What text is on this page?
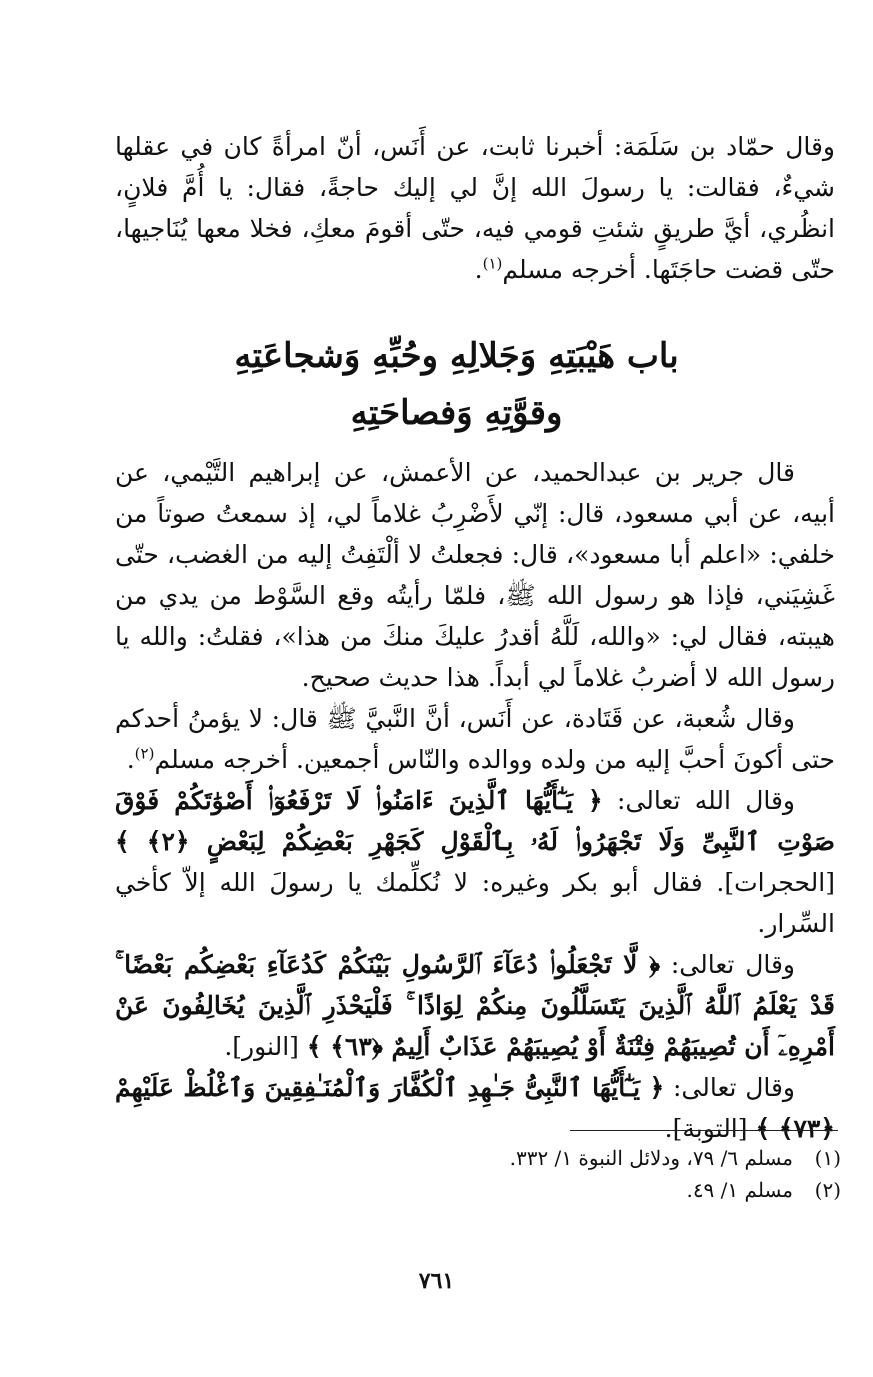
وقال حمّاد بن سَلَمَة: أخبرنا ثابت، عن أَنَس، أنّ امرأةً كان في عقلها شيءٌ، فقالت: يا رسولَ الله إنَّ لي إليك حاجةً، فقال: يا أُمَّ فلانٍ، انظُري، أيَّ طريقٍ شئتِ قومي فيه، حتّى أقومَ معكِ، فخلا معها يُنَاجيها، حتّى قضت حاجَتَها. أخرجه مسلم$^{(١)}$.
باب هَيْبَتِهِ وَجَلالِهِ وحُبِّهِ وَشجاعَتِهِ
وقوَّتِهِ وَفصاحَتِهِ

قال جرير بن عبدالحميد، عن الأعمش، عن إبراهيم التَّيْمي، عن أبيه، عن أبي مسعود، قال: إنّي لأَضْرِبُ غلاماً لي، إذ سمعتُ صوتاً من خلفي: «اعلم أبا مسعود»، قال: فجعلتُ لا ألْتَفِتُ إليه من الغضب، حتّى غَشِيَني، فإذا هو رسول الله ﷺ، فلمّا رأيتُه وقع السَّوْط من يدي من هيبته، فقال لي: «والله، لَلَّهُ أقدرُ عليكَ منكَ من هذا»، فقلتُ: والله يا رسول الله لا أضربُ غلاماً لي أبداً. هذا حديث صحيح.

وقال شُعبة، عن قَتَادة، عن أَنَس، أنَّ النَّبيَّ ﷺ قال: لا يؤمنُ أحدكم حتى أكونَ أحبَّ إليه من ولده ووالده والنّاس أجمعين. أخرجه مسلم$^{(٢)}$.

وقال الله تعالى: ﴿ يَـٰٓأَيُّهَا ٱلَّذِينَ ءَامَنُوا۟ لَا تَرْفَعُوٓا۟ أَصْوَٰتَكُمْ فَوْقَ صَوْتِ ٱلنَّبِىِّ وَلَا تَجْهَرُوا۟ لَهُۥ بِٱلْقَوْلِ كَجَهْرِ بَعْضِكُمْ لِبَعْضٍ ﴿٢﴾ ﴾ [الحجرات]. فقال أبو بكر وغيره: لا نُكلِّمك يا رسولَ الله إلاّ كأخي السِّرار.

وقال تعالى: ﴿ لَّا تَجْعَلُوا۟ دُعَآءَ ٱلرَّسُولِ بَيْنَكُمْ كَدُعَآءِ بَعْضِكُم بَعْضًا ۚ قَدْ يَعْلَمُ ٱللَّهُ ٱلَّذِينَ يَتَسَلَّلُونَ مِنكُمْ لِوَاذًا ۚ فَلْيَحْذَرِ ٱلَّذِينَ يُخَالِفُونَ عَنْ أَمْرِهِۦٓ أَن تُصِيبَهُمْ فِتْنَةٌ أَوْ يُصِيبَهُمْ عَذَابٌ أَلِيمٌ ﴿٦٣﴾ ﴾ [النور].

وقال تعالى: ﴿ يَـٰٓأَيُّهَا ٱلنَّبِىُّ جَـٰهِدِ ٱلْكُفَّارَ وَٱلْمُنَـٰفِقِينَ وَٱغْلُظْ عَلَيْهِمْ ﴿٧٣﴾ ﴾ [التوبة].

(١)مسلم ٦/ ٧٩، ودلائل النبوة ١/ ٣٣٢.
(٢)مسلم ١/ ٤٩.
٧٦١
